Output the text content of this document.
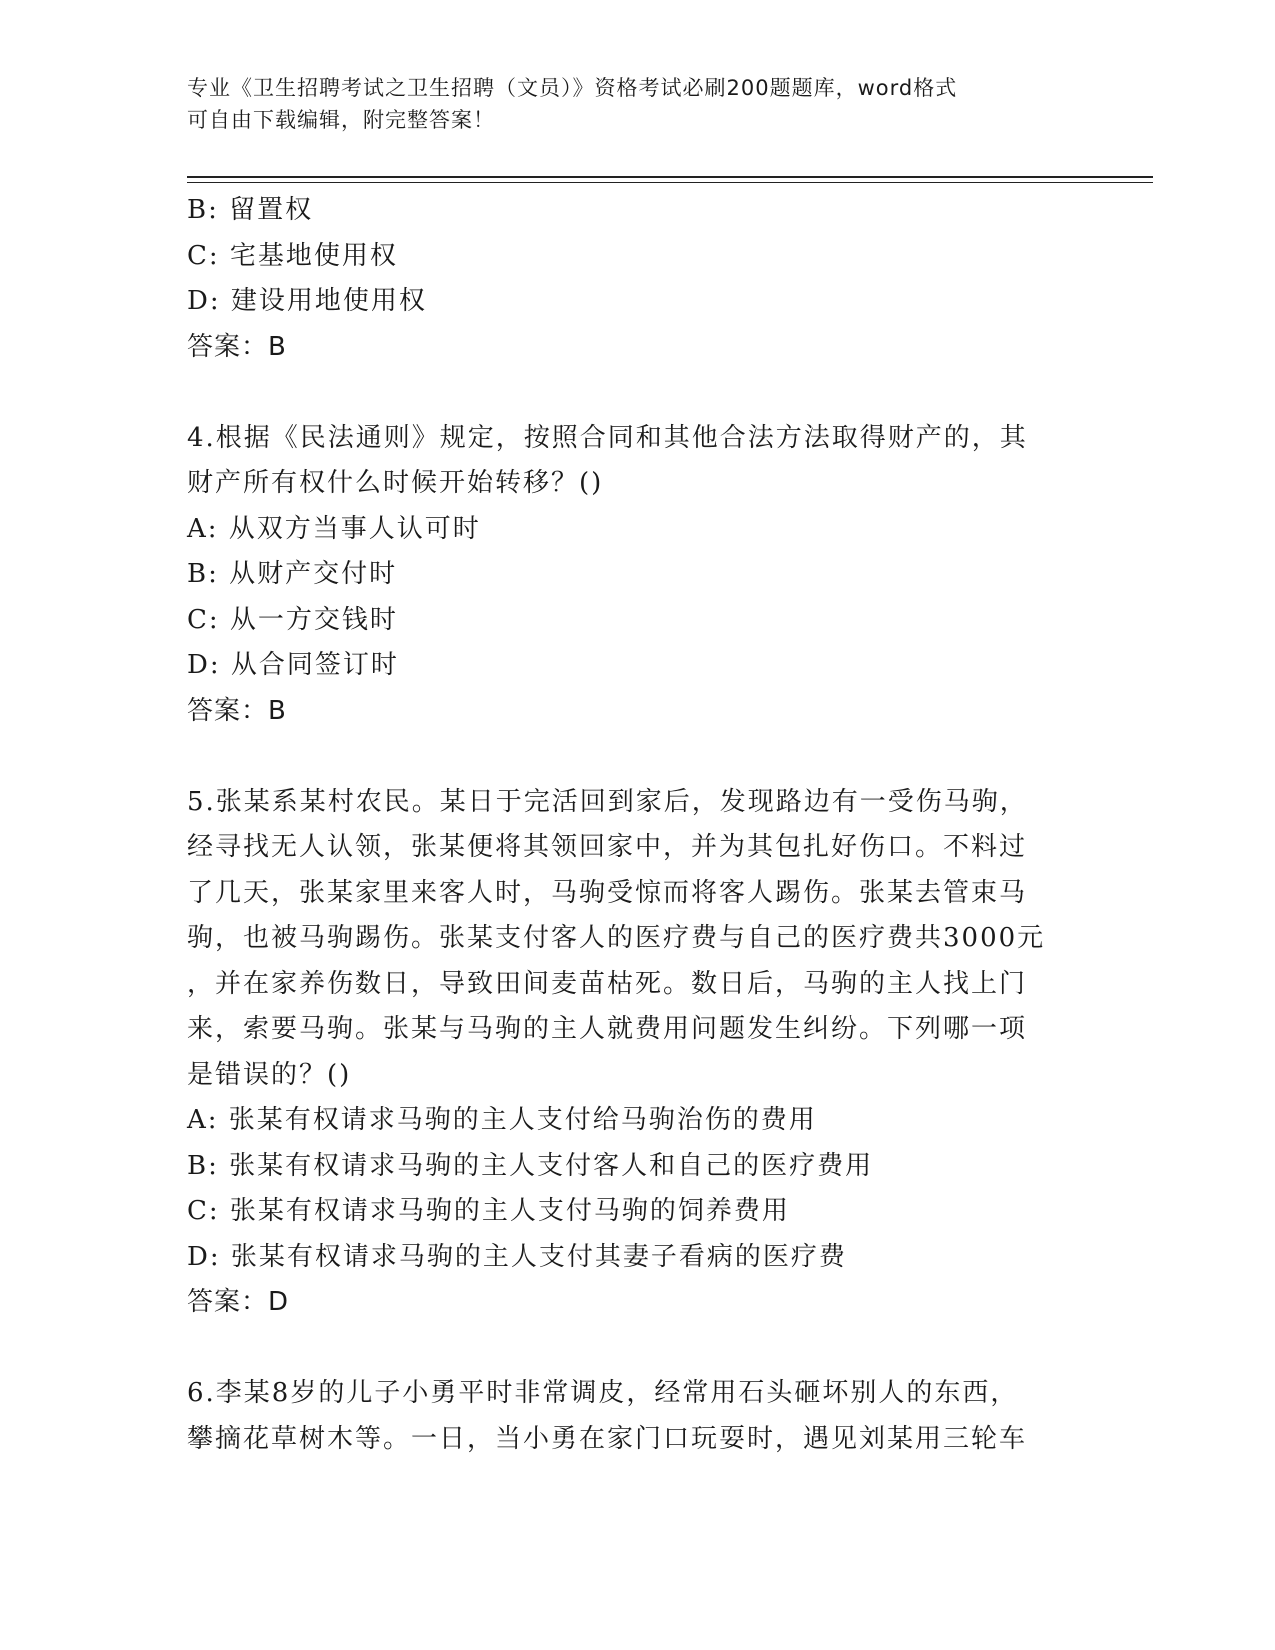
专业《卫生招聘考试之卫生招聘（文员）》资格考试必刷200题题库，word格式
可自由下载编辑，附完整答案！
B: 留置权
C: 宅基地使用权
D: 建设用地使用权
答案：B
4.根据《民法通则》规定，按照合同和其他合法方法取得财产的，其
财产所有权什么时候开始转移？()
A: 从双方当事人认可时
B: 从财产交付时
C: 从一方交钱时
D: 从合同签订时
答案：B
5.张某系某村农民。某日于完活回到家后，发现路边有一受伤马驹，
经寻找无人认领，张某便将其领回家中，并为其包扎好伤口。不料过
了几天，张某家里来客人时，马驹受惊而将客人踢伤。张某去管束马
驹，也被马驹踢伤。张某支付客人的医疗费与自己的医疗费共3000元
，并在家养伤数日，导致田间麦苗枯死。数日后，马驹的主人找上门
来，索要马驹。张某与马驹的主人就费用问题发生纠纷。下列哪一项
是错误的？()
A: 张某有权请求马驹的主人支付给马驹治伤的费用
B: 张某有权请求马驹的主人支付客人和自己的医疗费用
C: 张某有权请求马驹的主人支付马驹的饲养费用
D: 张某有权请求马驹的主人支付其妻子看病的医疗费
答案：D
6.李某8岁的儿子小勇平时非常调皮，经常用石头砸坏别人的东西，
攀摘花草树木等。一日，当小勇在家门口玩耍时，遇见刘某用三轮车
